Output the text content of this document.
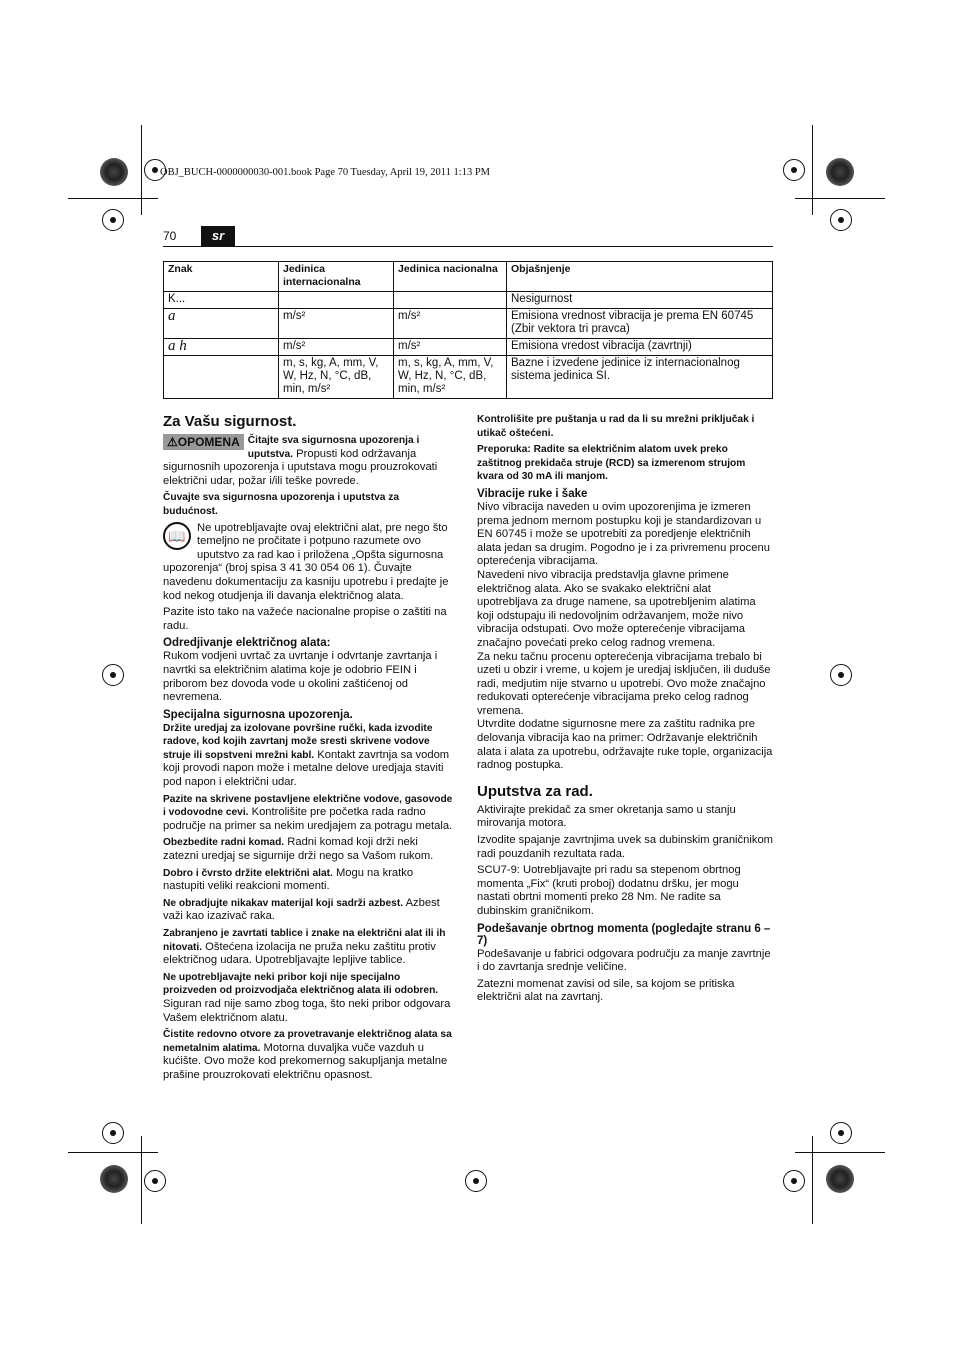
OBJ_BUCH-0000000030-001.book Page 70 Tuesday, April 19, 2011 1:13 PM
70	sr
Znak	Jedinica internacionalna	Jedinica nacionalna	Objašnjenje
K...			Nesigurnost
a	m/s²	m/s²	Emisiona vrednost vibracija je prema EN 60745 (Zbir vektora tri pravca)
a h	m/s²	m/s²	Emisiona vredost vibracija (zavrtnji)
	m, s, kg, A, mm, V, W, Hz, N, °C, dB, min, m/s²	m, s, kg, A, mm, V, W, Hz, N, °C, dB, min, m/s²	Bazne i izvedene jedinice iz internacionalnog sistema jedinica SI.
Za Vašu sigurnost.

⚠OPOMENA Čitajte sva sigurnosna upozorenja i uputstva. Propusti kod održavanja sigurnosnih upozorenja i uputstava mogu prouzrokovati električni udar, požar i/ili teške povrede.

Čuvajte sva sigurnosna upozorenja i uputstva za budućnost.

📖	Ne upotrebljavajte ovaj električni alat, pre nego što temeljno ne pročitate i potpuno razumete ovo uputstvo za rad kao i priložena „Opšta sigurnosna upozorenja“ (broj spisa 3 41 30 054 06 1). Čuvajte navedenu dokumentaciju za kasniju upotrebu i predajte je kod nekog otudjenja ili davanja električnog alata.

Pazite isto tako na važeće nacionalne propise o zaštiti na radu.

Odredjivanje električnog alata:

Rukom vodjeni uvrtač za uvrtanje i odvrtanje zavrtanja i navrtki sa električnim alatima koje je odobrio FEIN i priborom bez dovoda vode u okolini zaštićenoj od nevremena.

Specijalna sigurnosna upozorenja.

Držite uredjaj za izolovane površine ručki, kada izvodite radove, kod kojih zavrtanj može sresti skrivene vodove struje ili sopstveni mrežni kabl. Kontakt zavrtnja sa vodom koji provodi napon može i metalne delove uredjaja staviti pod napon i električni udar.

Pazite na skrivene postavljene električne vodove, gasovode i vodovodne cevi. Kontrolišite pre početka rada radno područje na primer sa nekim uredjajem za potragu metala.

Obezbedite radni komad. Radni komad koji drži neki zatezni uredjaj se sigurnije drži nego sa Vašom rukom.

Dobro i čvrsto držite električni alat. Mogu na kratko nastupiti veliki reakcioni momenti.

Ne obradjujte nikakav materijal koji sadrži azbest. Azbest važi kao izazivač raka.

Zabranjeno je zavrtati tablice i znake na električni alat ili ih nitovati. Oštećena izolacija ne pruža neku zaštitu protiv električnog udara. Upotrebljavajte lepljive tablice.

Ne upotrebljavajte neki pribor koji nije specijalno proizveden od proizvodjača električnog alata ili odobren. Siguran rad nije samo zbog toga, što neki pribor odgovara Vašem električnom alatu.

Čistite redovno otvore za provetravanje električnog alata sa nemetalnim alatima. Motorna duvaljka vuče vazduh u kućište. Ovo može kod prekomernog sakupljanja metalne prašine prouzrokovati električnu opasnost.

Kontrolišite pre puštanja u rad da li su mrežni priključak i utikač oštećeni.

Preporuka: Radite sa električnim alatom uvek preko zaštitnog prekidača struje (RCD) sa izmerenom strujom kvara od 30 mA ili manjom.

Vibracije ruke i šake

Nivo vibracija naveden u ovim upozorenjima je izmeren prema jednom mernom postupku koji je standardizovan u EN 60745 i može se upotrebiti za poredjenje električnih alata jedan sa drugim. Pogodno je i za privremenu procenu opterećenja vibracijama.

Navedeni nivo vibracija predstavlja glavne primene električnog alata. Ako se svakako električni alat upotrebljava za druge namene, sa upotrebljenim alatima koji odstupaju ili nedovoljnim održavanjem, može nivo vibracija odstupati. Ovo može opterećenje vibracijama značajno povećati preko celog radnog vremena.

Za neku tačnu procenu opterećenja vibracijama trebalo bi uzeti u obzir i vreme, u kojem je uredjaj isključen, ili duduše radi, medjutim nije stvarno u upotrebi. Ovo može značajno redukovati opterećenje vibracijama preko celog radnog vremena.

Utvrdite dodatne sigurnosne mere za zaštitu radnika pre delovanja vibracija kao na primer: Održavanje električnih alata i alata za upotrebu, održavajte ruke tople, organizacija radnog postupka.

Uputstva za rad.

Aktivirajte prekidač za smer okretanja samo u stanju mirovanja motora.

Izvodite spajanje zavrtnjima uvek sa dubinskim graničnikom radi pouzdanih rezultata rada.

SCU7-9: Uotrebljavajte pri radu sa stepenom obrtnog momenta „Fix“ (kruti proboj) dodatnu dršku, jer mogu nastati obrtni momenti preko 28 Nm. Ne radite sa dubinskim graničnikom.

Podešavanje obrtnog momenta (pogledajte stranu 6 – 7)

Podešavanje u fabrici odgovara području za manje zavrtnje i do zavrtanja srednje veličine.

Zatezni momenat zavisi od sile, sa kojom se pritiska električni alat na zavrtanj.
